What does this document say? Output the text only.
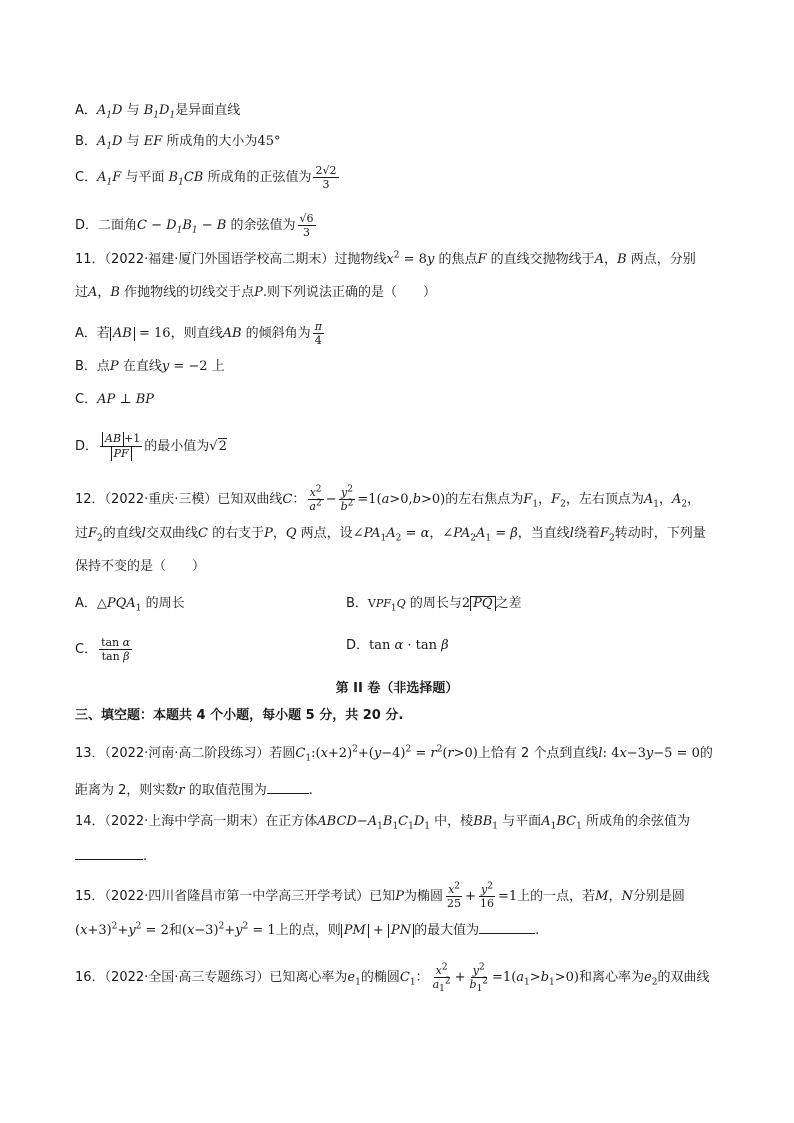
A．$A_1D$ 与 $B_1D_1$是异面直线
B．$A_1D$ 与 EF 所成角的大小为45°
C．$A_1F$ 与平面 $B_1CB$ 所成角的正弦值为 $\frac{2√2}{3}$
D．二面角$C - D_1B_1 - B$ 的余弦值为 $\frac{√6}{3}$
11．（2022·福建·厦门外国语学校高二期末）过抛物线$x^2 = 8y$ 的焦点F 的直线交抛物线于A，B 两点，分别
过A，B 作抛物线的切线交于点P.则下列说法正确的是（　　）
A．若 AB = 16，则直线AB 的倾斜角为 $\frac{\pi}{4}$
B．点P 在直线y = −2 上
C．AP ⊥ BP
D． $\frac{AB +1}{PF}$ 的最小值为√2
12．（2022·重庆·三模）已知双曲线C： $\frac{x^2}{a^2} - \frac{y^2}{b^2} =1(a>0,b>0)$的左右焦点为$F_1$，$F_2$，左右顶点为$A_1$，$A_2$，
过$F_2$的直线l交双曲线C 的右支于P，Q 两点，设$\angle PA_1A_2 = \alpha$，$\angle PA_2A_1 = \beta$，当直线l绕着$F_2$转动时，下列量
保持不变的是（　　）
A．$\triangle PQA_1$ 的周长	B．$VPF_1Q$ 的周长与2 PQ 之差
C． $\frac{\text{tan α}}{\text{tan β}}$	D．tan α · tan β
第 II 卷（非选择题）
三、填空题：本题共 4 个小题，每小题 5 分，共 20 分.
13．（2022·河南·高二阶段练习）若圆$C_1:(x+2)^2+(y-4)^2 = r^2(r>0)$上恰有 2 个点到直线l: 4x−3y−5 = 0的
距离为 2，则实数r 的取值范围为	.
14．（2022·上海中学高一期末）在正方体$ABCD-A_1B_1C_1D_1$ 中，棱$BB_1$ 与平面$A_1BC_1$ 所成角的余弦值为
.
15．（2022·四川省隆昌市第一中学高三开学考试）已知P为椭圆 $\frac{x^2}{25} + \frac{y^2}{16} =1$上的一点，若M，N分别是圆
$(x+3)^2+y^2 = 2$和$(x-3)^2+y^2 = 1$上的点，则 PM + PN 的最大值为	.
16．（2022·全国·高三专题练习）已知离心率为$e_1$的椭圆$C_1$： $\frac{x^2}{a_1^2} + \frac{y^2}{b_1^2} =1(a_1>b_1>0)$和离心率为$e_2$的双曲线
